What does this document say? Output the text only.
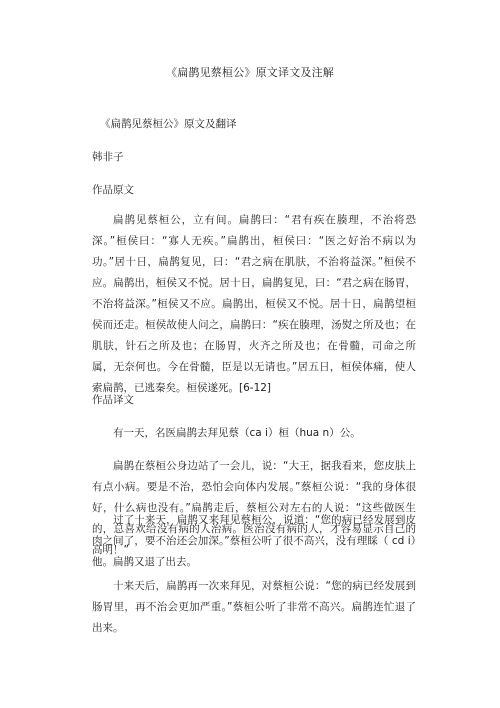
《扁鹊见蔡桓公》原文译文及注解
《扁鹊见蔡桓公》原文及翻译
韩非子
作品原文
扁鹊见蔡桓公，立有间。扁鹊曰：“君有疾在腠理，不治将恐深。”桓侯曰：“寡人无疾。”扁鹊出，桓侯曰：“医之好治不病以为功。”居十日，扁鹊复见，曰：“君之病在肌肤，不治将益深。”桓侯不应。扁鹊出，桓侯又不悦。居十日，扁鹊复见，曰：“君之病在肠胃，不治将益深。”桓侯又不应。扁鹊出，桓侯又不悦。居十日，扁鹊望桓侯而还走。桓侯故使人问之，扁鹊曰：“疾在腠理，汤熨之所及也；在肌肤，针石之所及也；在肠胃，火齐之所及也；在骨髓，司命之所属，无奈何也。今在骨髓，臣是以无请也。”居五日，桓侯体痛，使人索扁鹊，已逃秦矣。桓侯遂死。[6-12]
作品译文
有一天，名医扁鹊去拜见蔡（ca i）桓（hua n）公。
扁鹊在蔡桓公身边站了一会儿，说：“大王，据我看来，您皮肤上有点小病。要是不治，恐怕会向体内发展。”蔡桓公说：“我的身体很好，什么病也没有。”扁鹊走后，蔡桓公对左右的人说：“这些做医生的，总喜欢给没有病的人治病。医治没有病的人，才容易显示自己的高明！”
过了十来天，扁鹊又来拜见蔡桓公，说道：“您的病已经发展到皮肉之间了，要不治还会加深。”蔡桓公听了很不高兴，没有理睬（ cd i）他。扁鹊又退了出去。
十来天后，扁鹊再一次来拜见，对蔡桓公说：“您的病已经发展到肠胃里，再不治会更加严重。”蔡桓公听了非常不高兴。扁鹊连忙退了出来。
